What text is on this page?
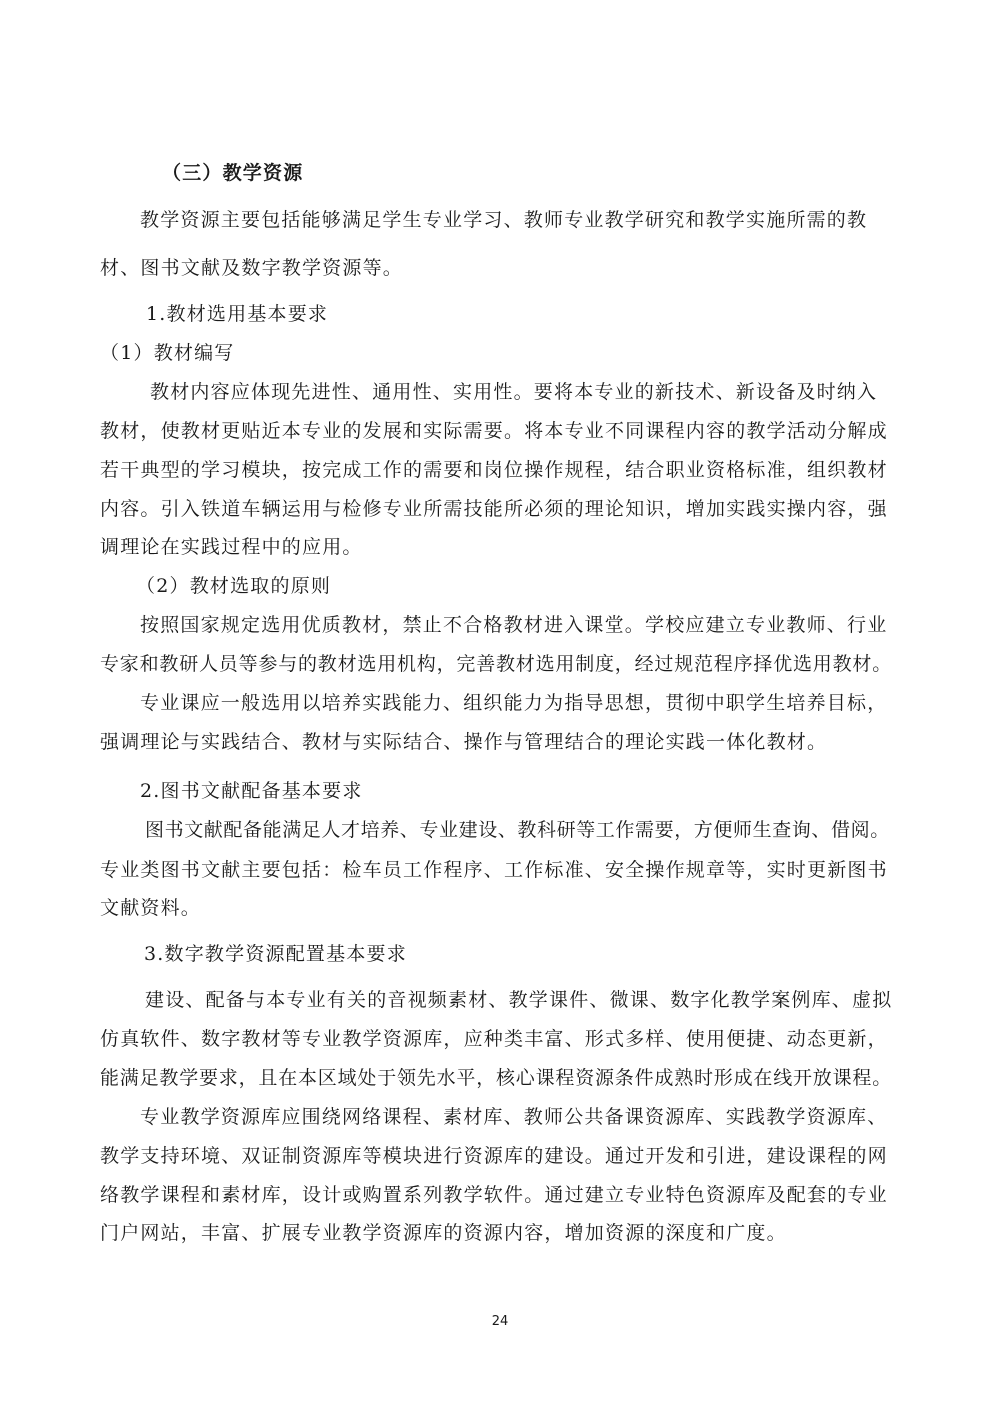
（三）教学资源
教学资源主要包括能够满足学生专业学习、教师专业教学研究和教学实施所需的教
材、图书文献及数字教学资源等。
1.教材选用基本要求
（1）教材编写
教材内容应体现先进性、通用性、实用性。要将本专业的新技术、新设备及时纳入
教材，使教材更贴近本专业的发展和实际需要。将本专业不同课程内容的教学活动分解成
若干典型的学习模块，按完成工作的需要和岗位操作规程，结合职业资格标准，组织教材
内容。引入铁道车辆运用与检修专业所需技能所必须的理论知识，增加实践实操内容，强
调理论在实践过程中的应用。
（2）教材选取的原则
按照国家规定选用优质教材，禁止不合格教材进入课堂。学校应建立专业教师、行业
专家和教研人员等参与的教材选用机构，完善教材选用制度，经过规范程序择优选用教材。
专业课应一般选用以培养实践能力、组织能力为指导思想，贯彻中职学生培养目标，
强调理论与实践结合、教材与实际结合、操作与管理结合的理论实践一体化教材。
2.图书文献配备基本要求
图书文献配备能满足人才培养、专业建设、教科研等工作需要，方便师生查询、借阅。
专业类图书文献主要包括：检车员工作程序、工作标准、安全操作规章等，实时更新图书
文献资料。
3.数字教学资源配置基本要求
建设、配备与本专业有关的音视频素材、教学课件、微课、数字化教学案例库、虚拟
仿真软件、数字教材等专业教学资源库，应种类丰富、形式多样、使用便捷、动态更新，
能满足教学要求，且在本区域处于领先水平，核心课程资源条件成熟时形成在线开放课程。
专业教学资源库应围绕网络课程、素材库、教师公共备课资源库、实践教学资源库、
教学支持环境、双证制资源库等模块进行资源库的建设。通过开发和引进，建设课程的网
络教学课程和素材库，设计或购置系列教学软件。通过建立专业特色资源库及配套的专业
门户网站，丰富、扩展专业教学资源库的资源内容，增加资源的深度和广度。
24
